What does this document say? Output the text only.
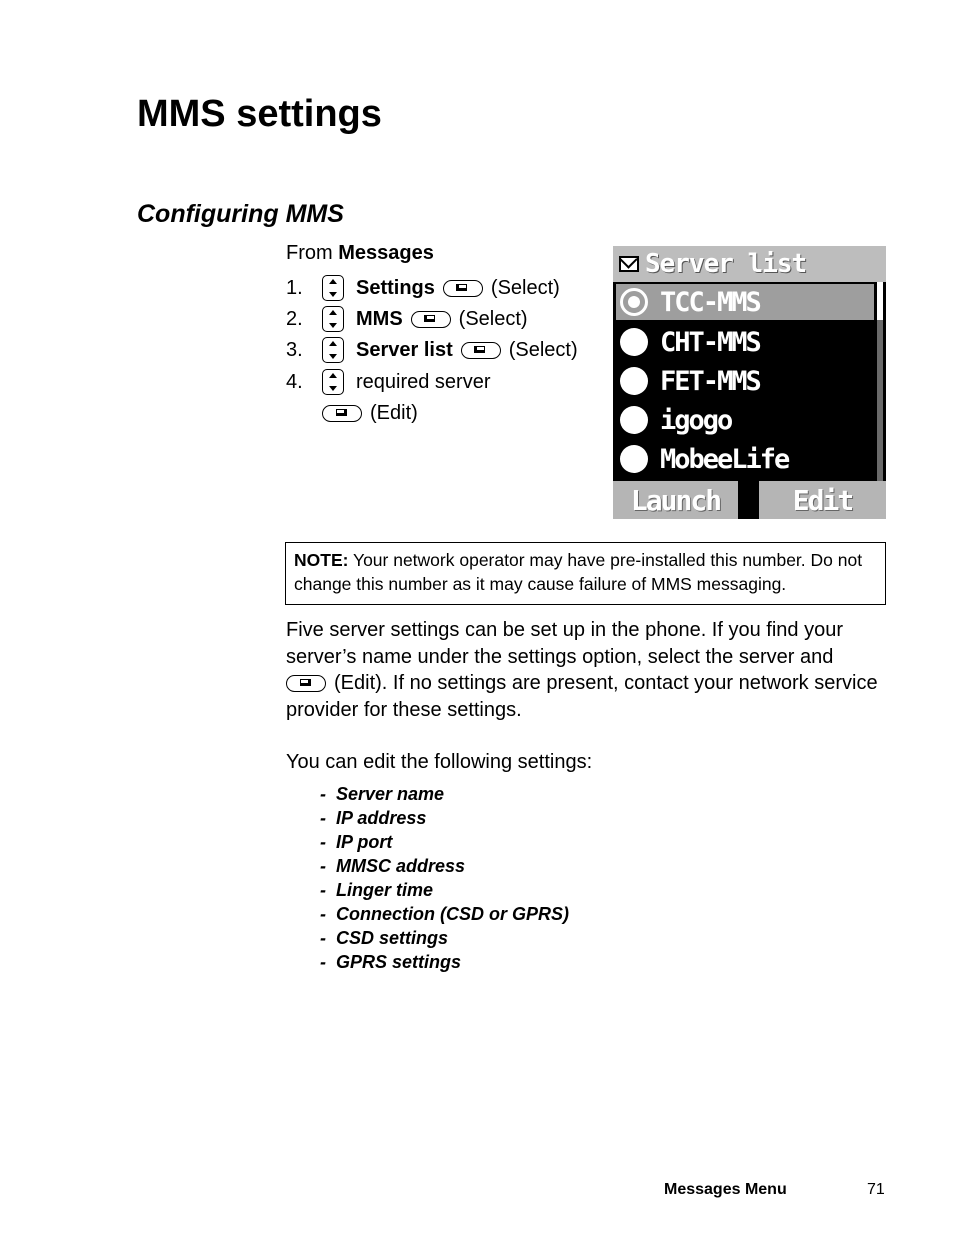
MMS settings
Configuring MMS
From Messages
1.	Settings	(Select)
2.	MMS	(Select)
3.	Server list	(Select)
4.	required server
(Edit)
Server list
TCC-MMS
CHT-MMS
FET-MMS
igogo
MobeeLife
Launch	Edit
NOTE: Your network operator may have pre-installed this number. Do not change this number as it may cause failure of MMS messaging.
Five server settings can be set up in the phone. If you find your server’s name under the settings option, select the server and
(Edit). If no settings are present, contact your network service provider for these settings.
You can edit the following settings:
-  Server name
-  IP address
-  IP port
-  MMSC address
-  Linger time
-  Connection (CSD or GPRS)
-  CSD settings
-  GPRS settings
Messages Menu	71
